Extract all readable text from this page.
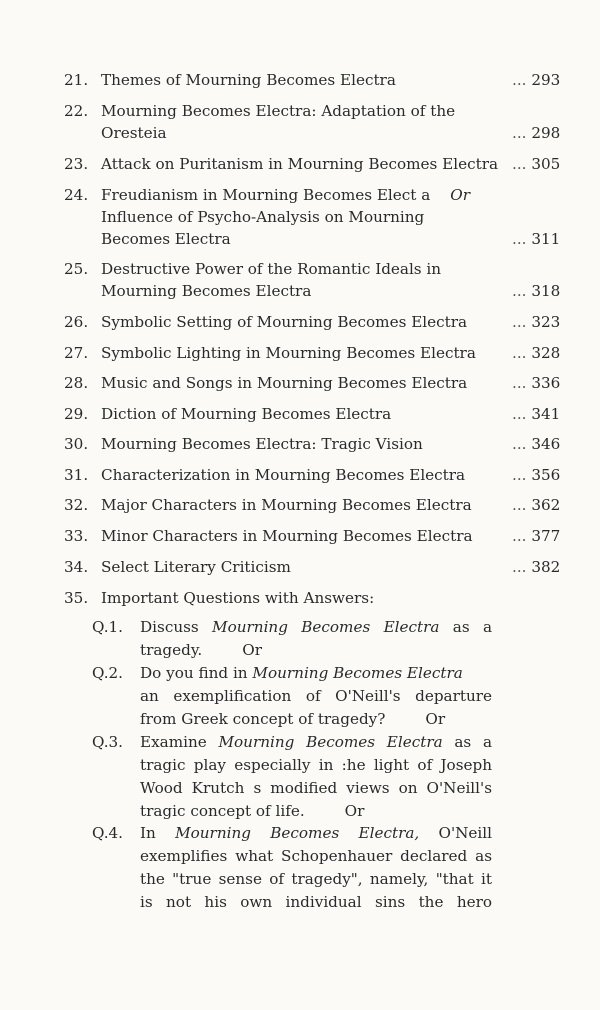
21. Themes of Mourning Becomes Electra	... 293
22. Mourning Becomes Electra: Adaptation of the
Oresteia	... 298
23. Attack on Puritanism in Mourning Becomes Electra ... 305
24. Freudianism in Mourning Becomes Elect a Or
Influence of Psycho-Analysis on Mourning
Becomes Electra	... 311
25. Destructive Power of the Romantic Ideals in
Mourning Becomes Electra	... 318
26. Symbolic Setting of Mourning Becomes Electra	... 323
27. Symbolic Lighting in Mourning Becomes Electra	... 328
28. Music and Songs in Mourning Becomes Electra	... 336
29. Diction of Mourning Becomes Electra	... 341
30. Mourning Becomes Electra: Tragic Vision	... 346
31. Characterization in Mourning Becomes Electra	... 356
32. Major Characters in Mourning Becomes Electra	... 362
33. Minor Characters in Mourning Becomes Electra	... 377
34. Select Literary Criticism	... 382
35. Important Questions with Answers:
Q.1.	Discuss Mourning Becomes Electra as a
tragedy.	Or
Q.2.	Do you find in Mourning Becomes Electra
an exemplification of O'Neill's departure
from Greek concept of tragedy?	Or
Q.3.	Examine Mourning Becomes Electra as a
tragic play especially in :he light of Joseph
Wood Krutch s modified views on O'Neill's
tragic concept of life.	Or
Q.4.	In Mourning Becomes Electra, O'Neill
exemplifies what Schopenhauer declared as
the "true sense of tragedy", namely, "that it
is not his own individual sins the hero
